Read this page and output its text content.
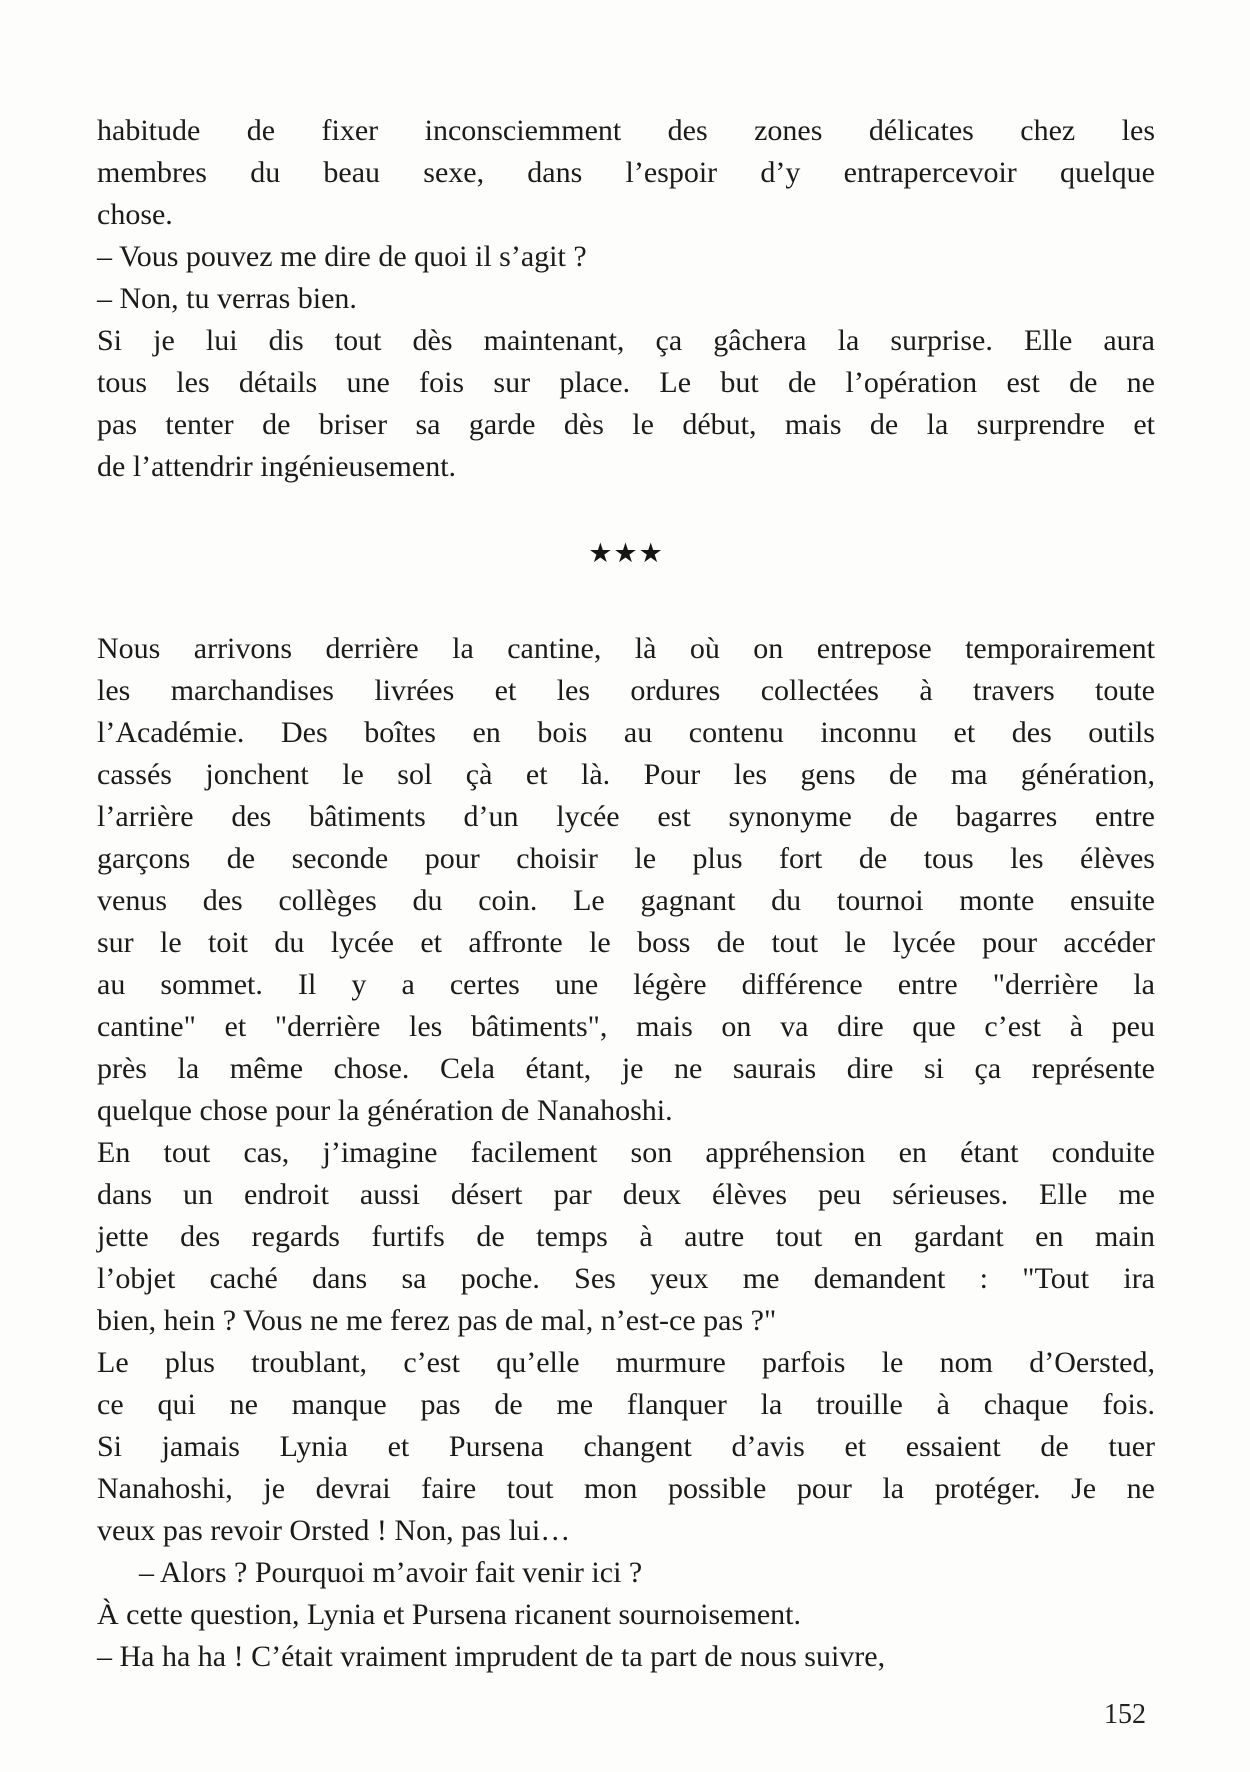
habitude de fixer inconsciemment des zones délicates chez les
membres du beau sexe, dans l’espoir d’y entrapercevoir quelque
chose.

– Vous pouvez me dire de quoi il s’agit ?

– Non, tu verras bien.

Si je lui dis tout dès maintenant, ça gâchera la surprise. Elle aura
tous les détails une fois sur place. Le but de l’opération est de ne
pas tenter de briser sa garde dès le début, mais de la surprendre et
de l’attendrir ingénieusement.

★★★

Nous arrivons derrière la cantine, là où on entrepose temporairement
les marchandises livrées et les ordures collectées à travers toute
l’Académie. Des boîtes en bois au contenu inconnu et des outils
cassés jonchent le sol çà et là. Pour les gens de ma génération,
l’arrière des bâtiments d’un lycée est synonyme de bagarres entre
garçons de seconde pour choisir le plus fort de tous les élèves
venus des collèges du coin. Le gagnant du tournoi monte ensuite
sur le toit du lycée et affronte le boss de tout le lycée pour accéder
au sommet. Il y a certes une légère différence entre "derrière la
cantine" et "derrière les bâtiments", mais on va dire que c’est à peu
près la même chose. Cela étant, je ne saurais dire si ça représente
quelque chose pour la génération de Nanahoshi.

En tout cas, j’imagine facilement son appréhension en étant conduite
dans un endroit aussi désert par deux élèves peu sérieuses. Elle me
jette des regards furtifs de temps à autre tout en gardant en main
l’objet caché dans sa poche. Ses yeux me demandent : "Tout ira
bien, hein ? Vous ne me ferez pas de mal, n’est-ce pas ?"

Le plus troublant, c’est qu’elle murmure parfois le nom d’Oersted,
ce qui ne manque pas de me flanquer la trouille à chaque fois.
Si jamais Lynia et Pursena changent d’avis et essaient de tuer
Nanahoshi, je devrai faire tout mon possible pour la protéger. Je ne
veux pas revoir Orsted ! Non, pas lui…

– Alors ? Pourquoi m’avoir fait venir ici ?

À cette question, Lynia et Pursena ricanent sournoisement.

– Ha ha ha ! C’était vraiment imprudent de ta part de nous suivre,

152
